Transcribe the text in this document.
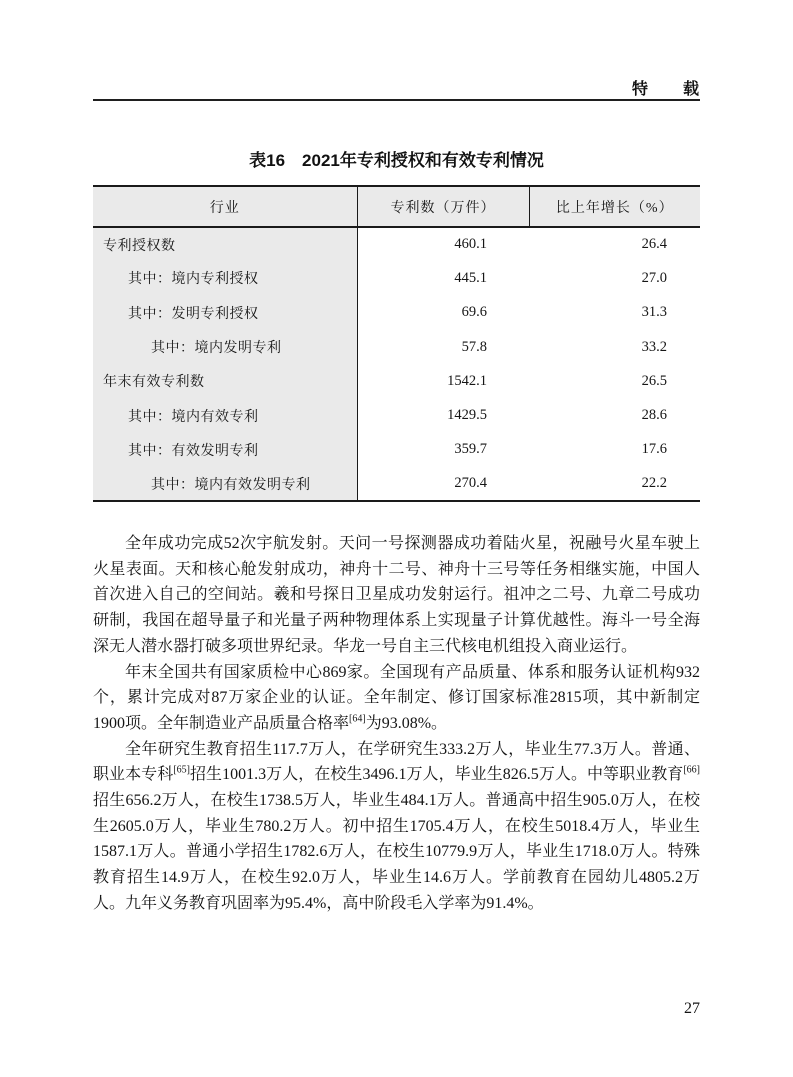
特　　载
表16　2021年专利授权和有效专利情况
行业	专利数（万件）	比上年增长（%）
专利授权数	460.1	26.4
其中：境内专利授权	445.1	27.0
其中：发明专利授权	69.6	31.3
其中：境内发明专利	57.8	33.2
年末有效专利数	1542.1	26.5
其中：境内有效专利	1429.5	28.6
其中：有效发明专利	359.7	17.6
其中：境内有效发明专利	270.4	22.2

全年成功完成52次宇航发射。天问一号探测器成功着陆火星，祝融号火星车驶上火星表面。天和核心舱发射成功，神舟十二号、神舟十三号等任务相继实施，中国人首次进入自己的空间站。羲和号探日卫星成功发射运行。祖冲之二号、九章二号成功研制，我国在超导量子和光量子两种物理体系上实现量子计算优越性。海斗一号全海深无人潜水器打破多项世界纪录。华龙一号自主三代核电机组投入商业运行。

年末全国共有国家质检中心869家。全国现有产品质量、体系和服务认证机构932个，累计完成对87万家企业的认证。全年制定、修订国家标准2815项，其中新制定1900项。全年制造业产品质量合格率[64]为93.08%。

全年研究生教育招生117.7万人，在学研究生333.2万人，毕业生77.3万人。普通、职业本专科[65]招生1001.3万人，在校生3496.1万人，毕业生826.5万人。中等职业教育[66]招生656.2万人，在校生1738.5万人，毕业生484.1万人。普通高中招生905.0万人，在校生2605.0万人，毕业生780.2万人。初中招生1705.4万人，在校生5018.4万人，毕业生1587.1万人。普通小学招生1782.6万人，在校生10779.9万人，毕业生1718.0万人。特殊教育招生14.9万人，在校生92.0万人，毕业生14.6万人。学前教育在园幼儿4805.2万人。九年义务教育巩固率为95.4%，高中阶段毛入学率为91.4%。

27
